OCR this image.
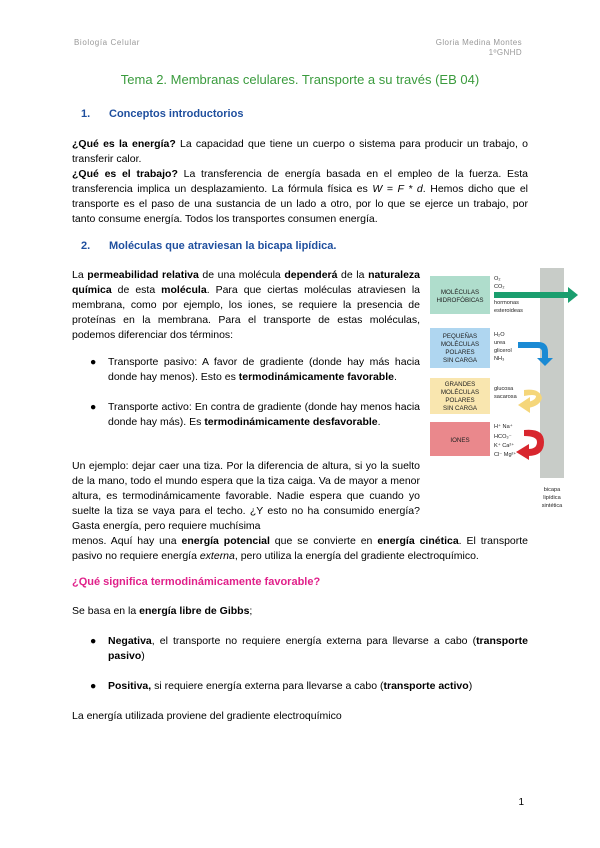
Biología Celular	Gloria Medina Montes
1ºGNHD
Tema 2. Membranas celulares. Transporte a su través (EB 04)
1. Conceptos introductorios
¿Qué es la energía? La capacidad que tiene un cuerpo o sistema para producir un trabajo, o transferir calor.
¿Qué es el trabajo? La transferencia de energía basada en el empleo de la fuerza. Esta transferencia implica un desplazamiento. La fórmula física es W = F * d. Hemos dicho que el transporte es el paso de una sustancia de un lado a otro, por lo que se ejerce un trabajo, por tanto consume energía. Todos los transportes consumen energía.
2. Moléculas que atraviesan la bicapa lipídica.
La permeabilidad relativa de una molécula dependerá de la naturaleza química de esta molécula. Para que ciertas moléculas atraviesen la membrana, como por ejemplo, los iones, se requiere la presencia de proteínas en la membrana. Para el transporte de estas moléculas, podemos diferenciar dos términos:
● Transporte pasivo: A favor de gradiente (donde hay más hacia donde hay menos). Esto es termodinámicamente favorable.
● Transporte activo: En contra de gradiente (donde hay menos hacia donde hay más). Es termodinámicamente desfavorable.
Un ejemplo: dejar caer una tiza. Por la diferencia de altura, si yo la suelto de la mano, todo el mundo espera que la tiza caiga. Va de mayor a menor altura, es termodinámicamente favorable. Nadie espera que cuando yo suelte la tiza se vaya para el techo. ¿Y esto no ha consumido energía? Gasta energía, pero requiere muchísima
menos. Aquí hay una energía potencial que se convierte en energía cinética. El transporte pasivo no requiere energía externa, pero utiliza la energía del gradiente electroquímico.
MOLÉCULAS
HIDROFÓBICAS
O₂
CO₂
hormonas
esteroideas
PEQUEÑAS
MOLÉCULAS
POLARES
SIN CARGA
H₂O
urea
glicerol
NH₃
GRANDES
MOLÉCULAS
POLARES
SIN CARGA
glucosa
sacarosa
IONES
H⁺ Na⁺
HCO₃⁻
K⁺ Ca²⁺
Cl⁻ Mg²⁺
bicapa
lipídica
sintética
¿Qué significa termodinámicamente favorable?
Se basa en la energía libre de Gibbs;
● Negativa, el transporte no requiere energía externa para llevarse a cabo (transporte pasivo)
● Positiva, si requiere energía externa para llevarse a cabo (transporte activo)
La energía utilizada proviene del gradiente electroquímico
1
